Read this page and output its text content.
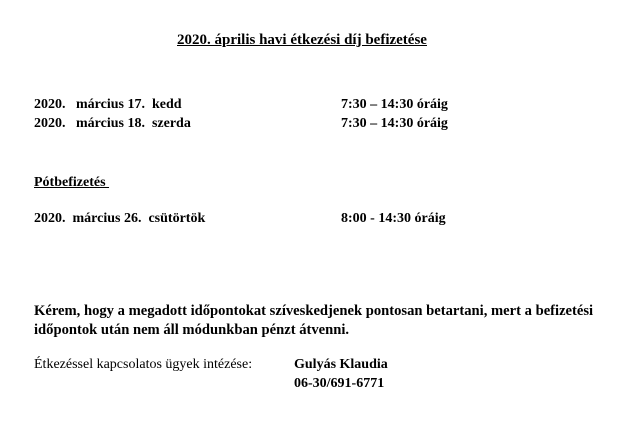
2020. április havi étkezési díj befizetése
2020.   március 17.  kedd	7:30 – 14:30 óráig
2020.   március 18.  szerda	7:30 – 14:30 óráig
Pótbefizetés
2020.  március 26.  csütörtök	8:00 - 14:30 óráig
Kérem, hogy a megadott időpontokat szíveskedjenek pontosan betartani, mert a befizetési időpontok után nem áll módunkban pénzt átvenni.
Étkezéssel kapcsolatos ügyek intézése:	Gulyás Klaudia
06-30/691-6771
